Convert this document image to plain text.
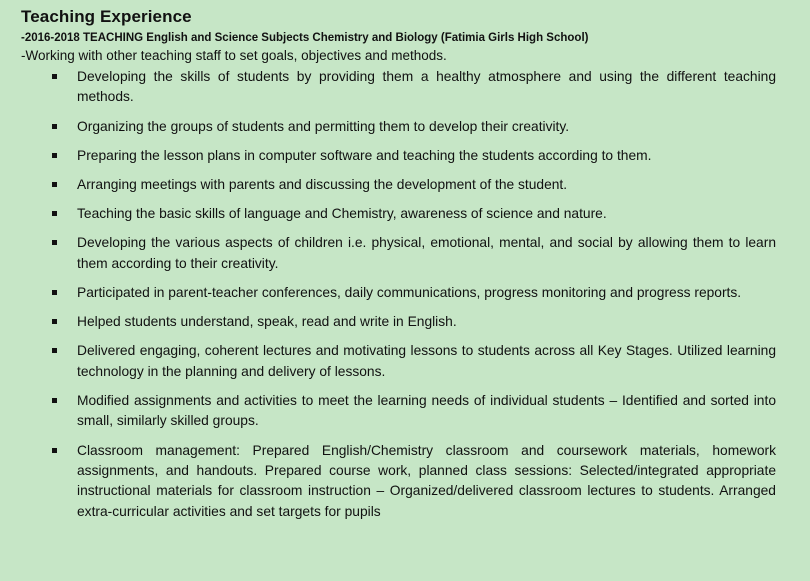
Teaching Experience

-2016-2018 TEACHING English and Science Subjects Chemistry and Biology (Fatimia Girls High School)

-Working with other teaching staff to set goals, objectives and methods.

Developing the skills of students by providing them a healthy atmosphere and using the different teaching methods.
Organizing the groups of students and permitting them to develop their creativity.
Preparing the lesson plans in computer software and teaching the students according to them.
Arranging meetings with parents and discussing the development of the student.
Teaching the basic skills of language and Chemistry, awareness of science and nature.
Developing the various aspects of children i.e. physical, emotional, mental, and social by allowing them to learn them according to their creativity.
Participated in parent-teacher conferences, daily communications, progress monitoring and progress reports.
Helped students understand, speak, read and write in English.
Delivered engaging, coherent lectures and motivating lessons to students across all Key Stages. Utilized learning technology in the planning and delivery of lessons.
Modified assignments and activities to meet the learning needs of individual students – Identified and sorted into small, similarly skilled groups.
Classroom management: Prepared English/Chemistry classroom and coursework materials, homework assignments, and handouts. Prepared course work, planned class sessions: Selected/integrated appropriate instructional materials for classroom instruction – Organized/delivered classroom lectures to students. Arranged extra-curricular activities and set targets for pupils
